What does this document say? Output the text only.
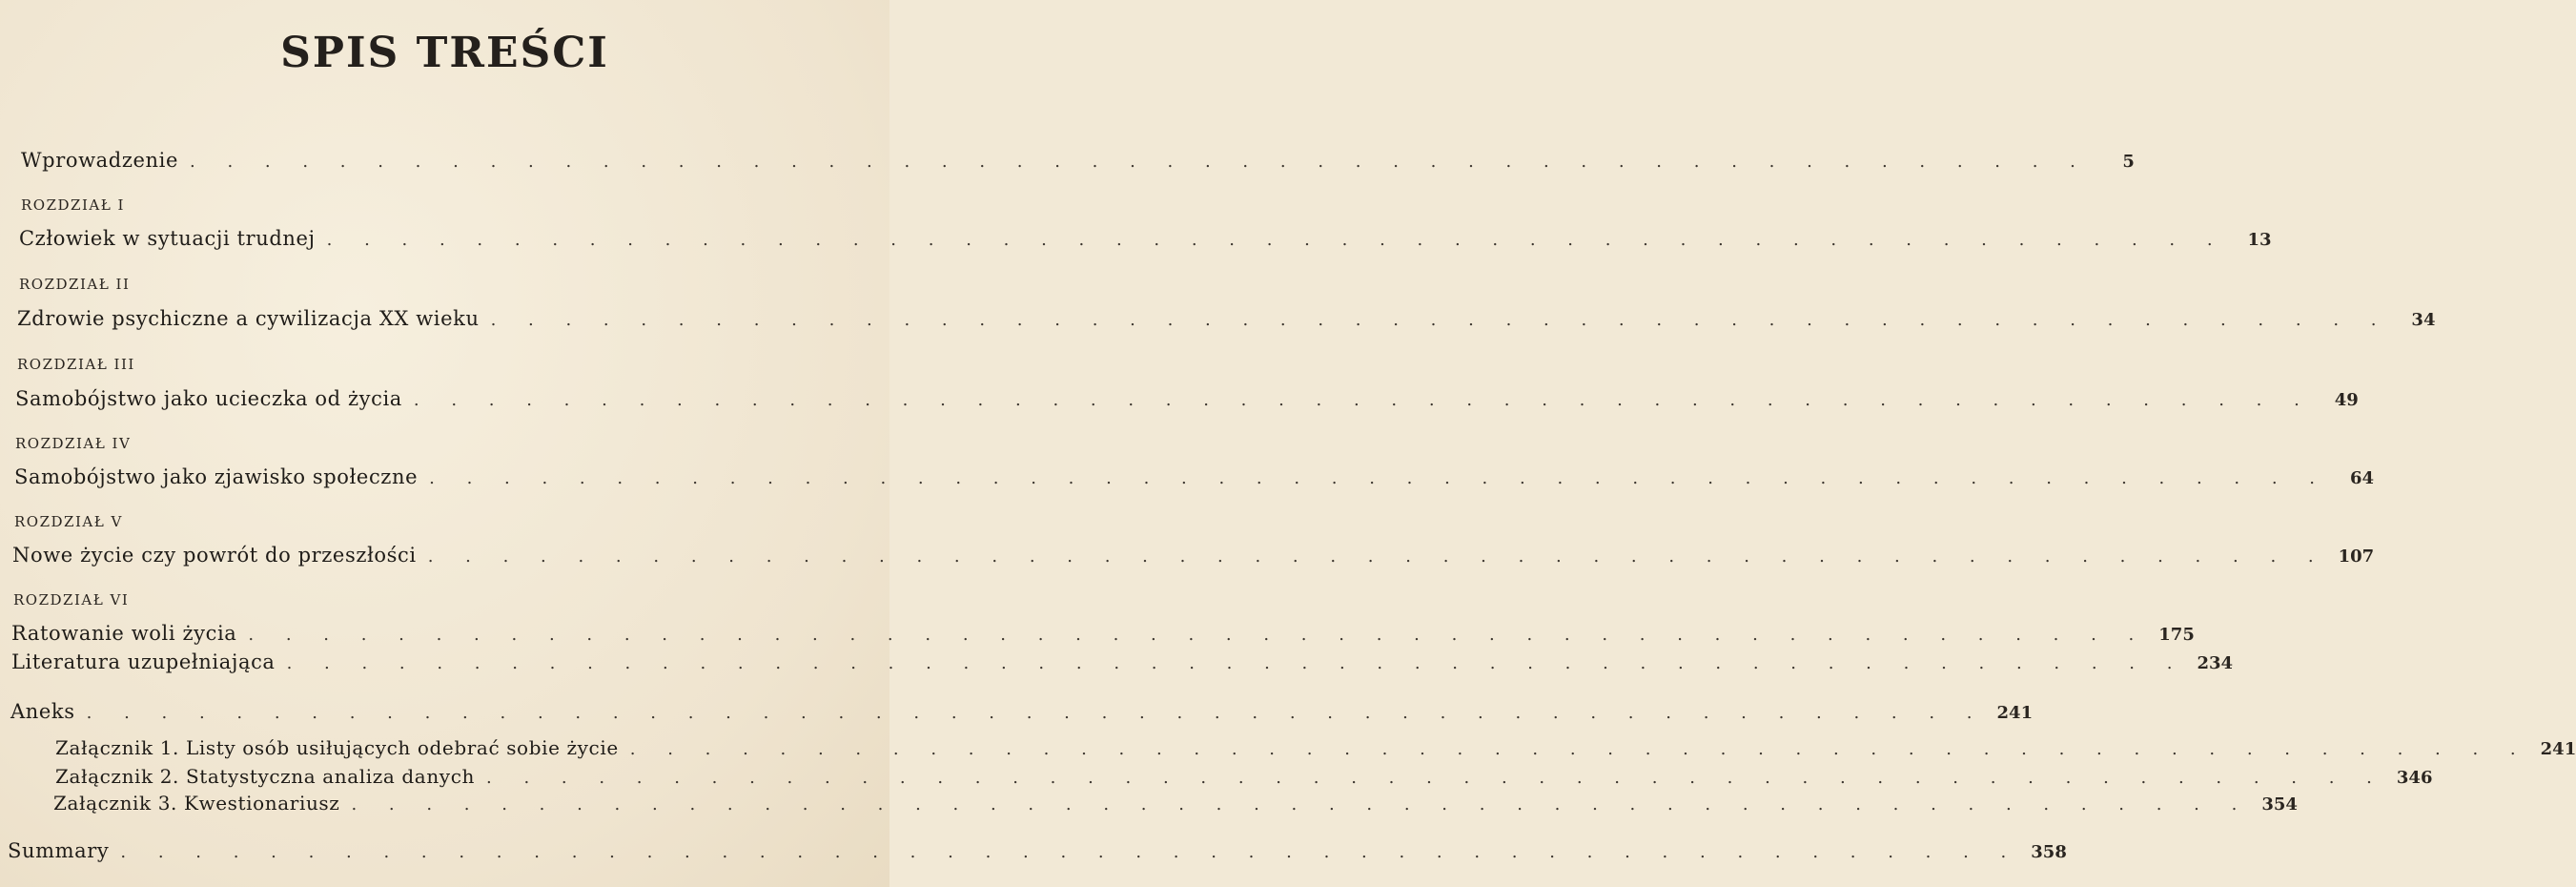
SPIS TREŚCI
Wprowadzenie . . . . . . . . . . . . . . . . . . . . . . . . . . . . . . . . . . . . . . . . . . . . . . . . . . .	5
ROZDZIAŁ I
Człowiek w sytuacji trudnej . . . . . . . . . . . . . . . . . . . . . . . . . . . . . . . . . . . . . . . . . . . . . . . . . . .	13
ROZDZIAŁ II
Zdrowie psychiczne a cywilizacja XX wieku . . . . . . . . . . . . . . . . . . . . . . . . . . . . . . . . . . . . . . . . . . . . . . . . . . .	34
ROZDZIAŁ III
Samobójstwo jako ucieczka od życia . . . . . . . . . . . . . . . . . . . . . . . . . . . . . . . . . . . . . . . . . . . . . . . . . . .	49
ROZDZIAŁ IV
Samobójstwo jako zjawisko społeczne . . . . . . . . . . . . . . . . . . . . . . . . . . . . . . . . . . . . . . . . . . . . . . . . . . .	64
ROZDZIAŁ V
Nowe życie czy powrót do przeszłości . . . . . . . . . . . . . . . . . . . . . . . . . . . . . . . . . . . . . . . . . . . . . . . . . . . 107
ROZDZIAŁ VI
Ratowanie woli życia . . . . . . . . . . . . . . . . . . . . . . . . . . . . . . . . . . . . . . . . . . . . . . . . . . . 175
Literatura uzupełniająca . . . . . . . . . . . . . . . . . . . . . . . . . . . . . . . . . . . . . . . . . . . . . . . . . . . 234
Aneks . . . . . . . . . . . . . . . . . . . . . . . . . . . . . . . . . . . . . . . . . . . . . . . . . . . 241
Załącznik 1. Listy osób usiłujących odebrać sobie życie . . . . . . . . . . . . . . . . . . . . . . . . . . . . . . . . . . . . . . . . . . . . . . . . . . . 241
Załącznik 2. Statystyczna analiza danych . . . . . . . . . . . . . . . . . . . . . . . . . . . . . . . . . . . . . . . . . . . . . . . . . . . 346
Załącznik 3. Kwestionariusz . . . . . . . . . . . . . . . . . . . . . . . . . . . . . . . . . . . . . . . . . . . . . . . . . . . 354
Summary . . . . . . . . . . . . . . . . . . . . . . . . . . . . . . . . . . . . . . . . . . . . . . . . . . . 358
